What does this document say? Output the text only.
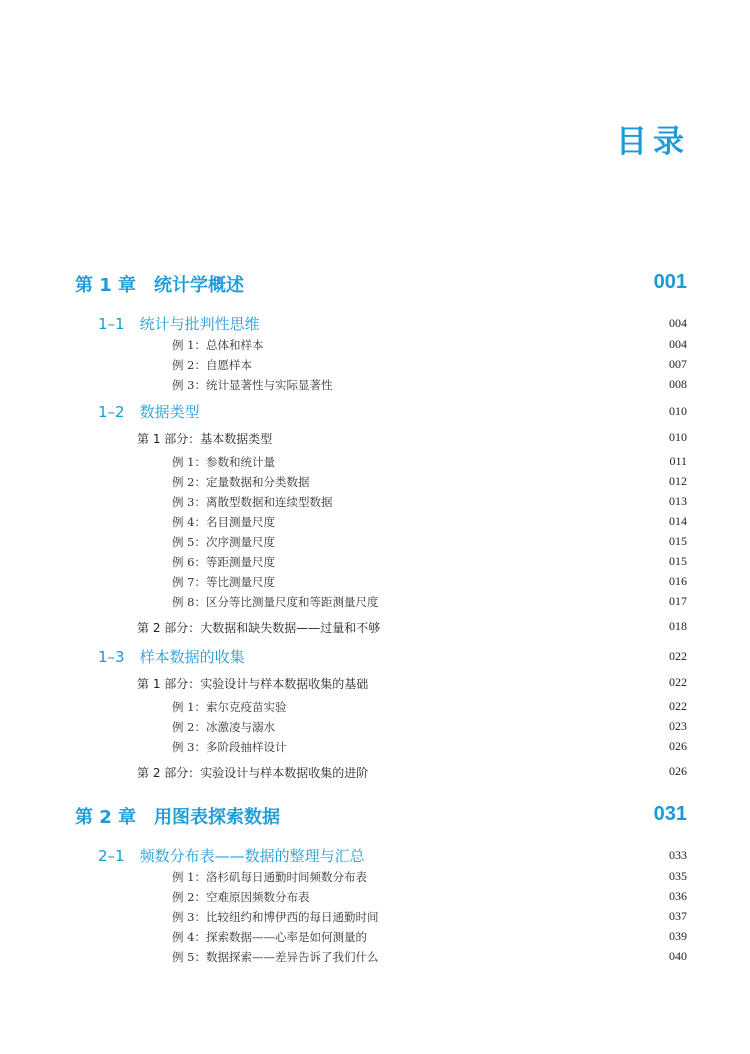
目录
第 1 章　统计学概述	001
1–1　统计与批判性思维	004
例 1：总体和样本	004
例 2：自愿样本	007
例 3：统计显著性与实际显著性	008
1–2　数据类型	010
第 1 部分：基本数据类型	010
例 1：参数和统计量	011
例 2：定量数据和分类数据	012
例 3：离散型数据和连续型数据	013
例 4：名目测量尺度	014
例 5：次序测量尺度	015
例 6：等距测量尺度	015
例 7：等比测量尺度	016
例 8：区分等比测量尺度和等距测量尺度	017
第 2 部分：大数据和缺失数据——过量和不够	018
1–3　样本数据的收集	022
第 1 部分：实验设计与样本数据收集的基础	022
例 1：索尔克疫苗实验	022
例 2：冰激凌与溺水	023
例 3：多阶段抽样设计	026
第 2 部分：实验设计与样本数据收集的进阶	026
第 2 章　用图表探索数据	031
2–1　频数分布表——数据的整理与汇总	033
例 1：洛杉矶每日通勤时间频数分布表	035
例 2：空难原因频数分布表	036
例 3：比较纽约和博伊西的每日通勤时间	037
例 4：探索数据——心率是如何测量的	039
例 5：数据探索——差异告诉了我们什么	040
